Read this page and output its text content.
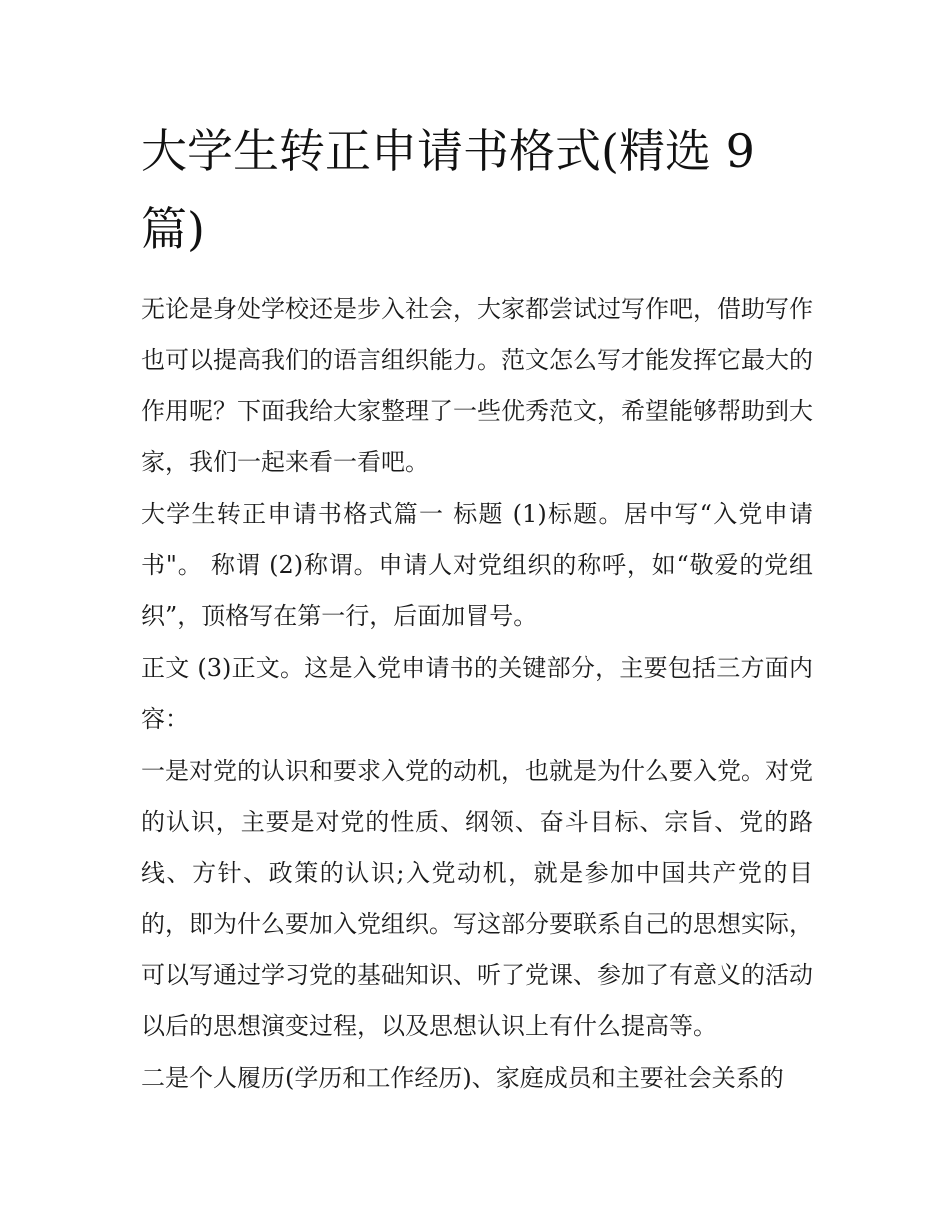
大学生转正申请书格式(精选 9 篇)

无论是身处学校还是步入社会，大家都尝试过写作吧，借助写作也可以提高我们的语言组织能力。范文怎么写才能发挥它最大的作用呢？下面我给大家整理了一些优秀范文，希望能够帮助到大家，我们一起来看一看吧。

大学生转正申请书格式篇一 标题 (1)标题。居中写“入党申请书"。 称谓 (2)称谓。申请人对党组织的称呼，如“敬爱的党组织”，顶格写在第一行，后面加冒号。

正文 (3)正文。这是入党申请书的关键部分，主要包括三方面内容：

一是对党的认识和要求入党的动机，也就是为什么要入党。对党的认识，主要是对党的性质、纲领、奋斗目标、宗旨、党的路线、方针、政策的认识;入党动机，就是参加中国共产党的目的，即为什么要加入党组织。写这部分要联系自己的思想实际，可以写通过学习党的基础知识、听了党课、参加了有意义的活动以后的思想演变过程，以及思想认识上有什么提高等。

二是个人履历(学历和工作经历)、家庭成员和主要社会关系的
